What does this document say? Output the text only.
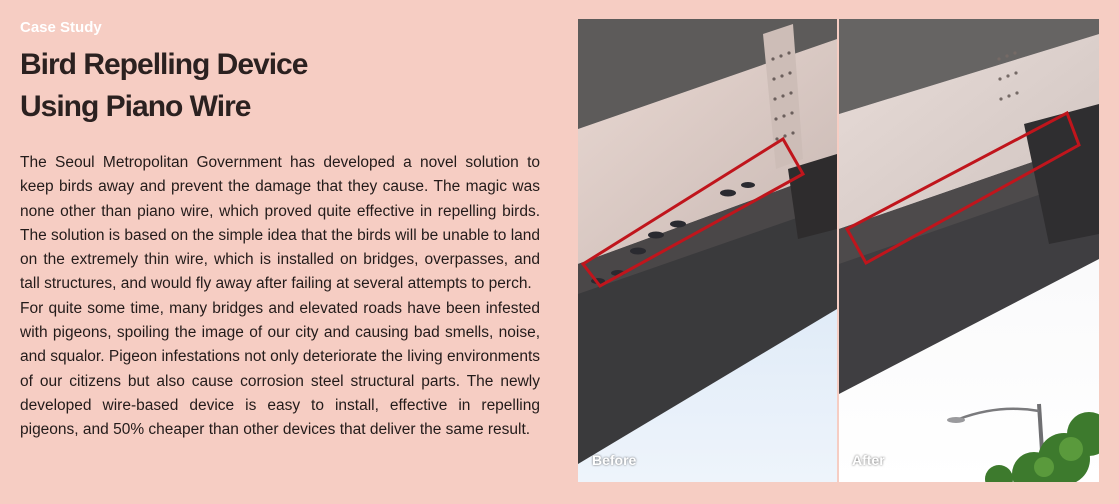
Case Study
Bird Repelling Device
Using Piano Wire

The Seoul Metropolitan Government has developed a novel solution to keep birds away and prevent the damage that they cause. The magic was none other than piano wire, which proved quite effective in repelling birds. The solution is based on the simple idea that the birds will be unable to land on the extremely thin wire, which is installed on bridges, overpasses, and tall structures, and would fly away after failing at several attempts to perch.

For quite some time, many bridges and elevated roads have been infested with pigeons, spoiling the image of our city and causing bad smells, noise, and squalor. Pigeon infestations not only deteriorate the living environments of our citizens but also cause corrosion steel structural parts. The newly developed wire-based device is easy to install, effective in repelling pigeons, and 50% cheaper than other devices that deliver the same result.

Before	After
